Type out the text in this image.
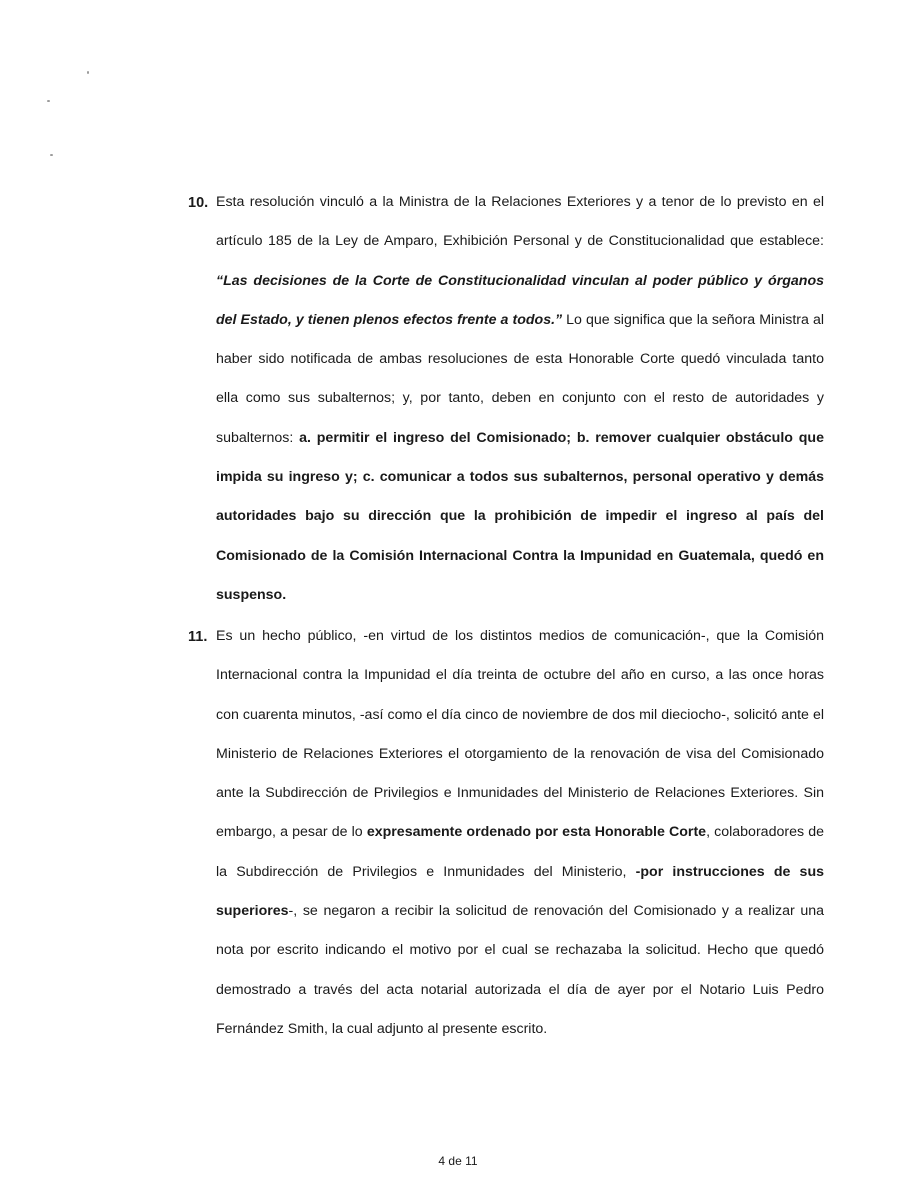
10. Esta resolución vinculó a la Ministra de la Relaciones Exteriores y a tenor de lo previsto en el artículo 185 de la Ley de Amparo, Exhibición Personal y de Constitucionalidad que establece: “Las decisiones de la Corte de Constitucionalidad vinculan al poder público y órganos del Estado, y tienen plenos efectos frente a todos.” Lo que significa que la señora Ministra al haber sido notificada de ambas resoluciones de esta Honorable Corte quedó vinculada tanto ella como sus subalternos; y, por tanto, deben en conjunto con el resto de autoridades y subalternos: a. permitir el ingreso del Comisionado; b. remover cualquier obstáculo que impida su ingreso y; c. comunicar a todos sus subalternos, personal operativo y demás autoridades bajo su dirección que la prohibición de impedir el ingreso al país del Comisionado de la Comisión Internacional Contra la Impunidad en Guatemala, quedó en suspenso.
11. Es un hecho público, -en virtud de los distintos medios de comunicación-, que la Comisión Internacional contra la Impunidad el día treinta de octubre del año en curso, a las once horas con cuarenta minutos, -así como el día cinco de noviembre de dos mil dieciocho-, solicitó ante el Ministerio de Relaciones Exteriores el otorgamiento de la renovación de visa del Comisionado ante la Subdirección de Privilegios e Inmunidades del Ministerio de Relaciones Exteriores. Sin embargo, a pesar de lo expresamente ordenado por esta Honorable Corte, colaboradores de la Subdirección de Privilegios e Inmunidades del Ministerio, -por instrucciones de sus superiores-, se negaron a recibir la solicitud de renovación del Comisionado y a realizar una nota por escrito indicando el motivo por el cual se rechazaba la solicitud. Hecho que quedó demostrado a través del acta notarial autorizada el día de ayer por el Notario Luis Pedro Fernández Smith, la cual adjunto al presente escrito.
4 de 11
